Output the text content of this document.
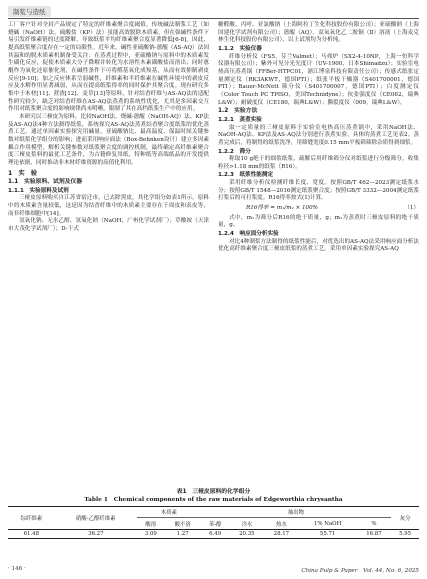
制浆与造纸

工厂客户针对全封产品规定了特定的纤维素聚合度阈值。传统碱法制浆工艺（如烧碱（NaOH）法、硫酸盐（KP）法）虽能高效脱除木质素，但在强碱性条件下易引发纤维素链的过度降解，导致纸浆平均纤维素聚合度显著降低[6-8]。因此，提高纸浆聚合度存在一定的局限性。近年来，碱性亚硫酸钠-蒽醌（AS-AQ）法因其温和的脱木质素机制备受关注：在蒸煮过程中，亚硫酸钠与原料中的木质素发生磺化反应，促使木质素大分子降解并转化为水溶性木素磺酸盐而溶出；同时蒽醌作为氧化还原催化剂，在碱性条件下可将醛基氧化成羧基，从而有效抑制剥皮反应[9-10]；加之反应体系呈弱碱性，纤维素和半纤维素在碱性环境中的剥皮反应及水解作用显著减弱，从而在提高纸浆得率的同时保护其聚合度。现有研究多集中于木材[11]、蔗渣[12]、麦草[13]等原料，针对结香纤维与AS-AQ法的适配性研究较少，缺乏对结香纤维在AS-AQ法蒸煮的系统性优化，尤其是多因素交互作用对纸浆聚合度的影响规律尚未明晰，限制了其在高档纸浆生产中的应用。

本研究以三桠皮为原料，比较NaOH法、烧碱-蒽醌（NaOH-AQ）法、KP法及AS-AQ法4种方法制得纸浆，系统探究AS-AQ法蒸煮结香聚合度纸浆的优化蒸煮工艺。通过单因素实验探究用碱量、亚硫酸钠比、最高温度、保温时间关键参数对纸浆化学组分的影响；进而采用响应面法（Box-Behnken设计）建立多因素耦合作用模型，解析关键参数对纸浆聚合度的调控机制，最终确定高纤维素聚合度三桠皮浆料的最优工艺条件，为古籍修复用纸、特种纸等高端纸品的开发提供理论依据，同时推动非木材纤维资源的高值化利用。

1　实　验
1.1　实验原料、试剂及仪器
1.1.1　实验原料及试剂

三桠皮原料购买自江苏省宿迁市，已去除黑皮，其化学组分如表1所示。原料中的木质素含量较低，这是因为结香纤维中的木质素主要存在于周皮和表皮等，而非纤维细胞中[14]。

氢氧化钠、无水乙醇、氢氧化钠（NaOH，广州化学试剂厂）；草酸铵（天津市大茂化学试剂厂）；D-干式

糖醛酸、丙呼、亚氯酸钠（上海阿拉丁生化科技股份有限公司）；亚硫酸钠（上海国建化学试剂有限公司）；蒽醌（AQ）、双氧氧化乙二胺铜（Ⅱ）溶液（上海麦克林生化科技股份有限公司），以上试剂均为分析纯。

1.1.2　实验仪器

纤维分析仪（FS5，芬兰Valmet）；马弗炉（SX2-4-10NP，上海一恒科学仪器有限公司）；紫外可见分光光度计（UV-1900，日本Shimadzu）；实验室电热高压蒸煮锅（FFBer-HTPC01，浙江博泉科技有限责任公司）；传感式纸张定量测定仪（RK3AKWT，德国PTI）；纸张平板干燥器（S401700001，德国PTI）；Bauer-McNett 筛分仪（S401700007，德国PTI）；白度测定仪（Color Touch PC TPISO，美国Technidyne）；抗张强度仪（CE062，瑞典L&W）；耐破度仪（CE180，瑞典L&W）；撕裂度仪（009，瑞典L&W）。

1.2　实验方法
1.2.1　蒸煮实验

取一定质量的三桠皮原料于实验室电热高压蒸煮锅中，采用NaOH法、NaOH-AQ法、KP法及AS-AQ法分别进行蒸煮实验，具体的蒸煮工艺见表2。蒸煮完成后，将制得的纸浆洗净，用筛缝宽度0.15 mm平板筛筛除杂质得到细浆。

1.2.2　筛分

称取10 g绝干的细浆纸浆，疏解后用纤维筛分仪对纸浆进行分级筛分，收集粒径>1.18 mm的纸浆（R16）。

1.2.3　纸浆性能测定

采用纤维分析仪检测纤维长度、宽度。按照GB/T 462—2023测定纸浆水分；按照GB/T 1548—2016测定纸浆聚合度；按照GB/T 3332—2004测定纸浆打浆后的可打浆度。R16得率按式(1)计算。

R16得率 = m₁/m₂ × 100%	（1）

式中，m₁为筛分后R16的绝干质量，g；m₂为蒸煮时三桠皮原料的绝干质量，g。

1.2.4　响应面分析实验

对比4种制浆方法制得的纸浆性能后，对优选出的AS-AQ法采用响应面分析法优化高纤维素聚合度三桠皮纸浆的蒸煮工艺。采用单因素实验探究AS-AQ

表1　三桠皮原料的化学组分
Table 1　Chemical components of the raw materials of Edgeworthia chrysantha
综纤维素	硝酸-乙醇纤维素	木质素		抽出物					灰分
		酸溶	酸不溶	苯-醇	冷水	热水	1% NaOH	%	
61.48	36.27	3.09	1.27	6.49	20.35	28.17	55.71	16.87	5.95
· 146 ·	China Pulp & Paper　Vol. 44, No. 6, 2025
